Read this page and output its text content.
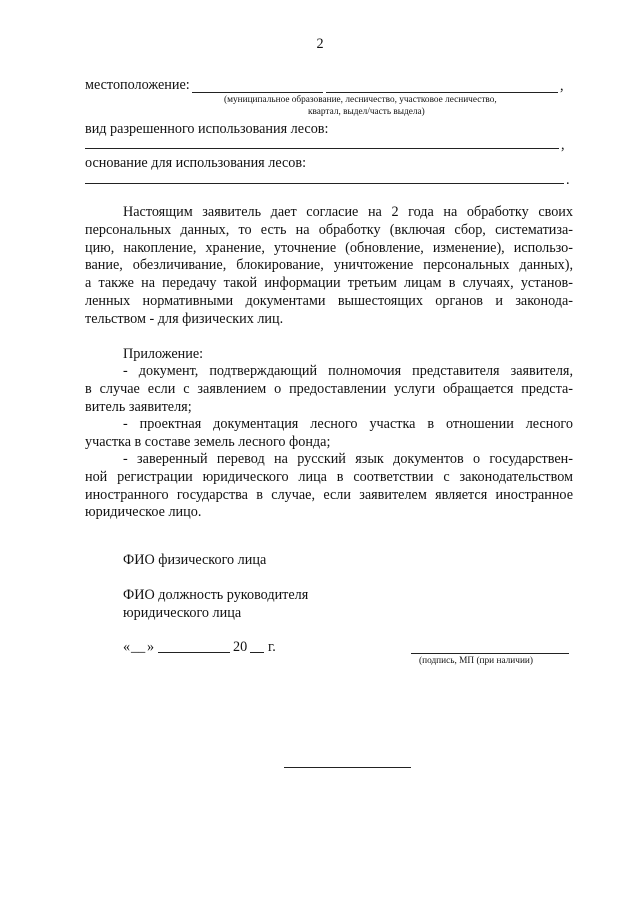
2
местоположение:	,
(муниципальное образование, лесничество, участковое лесничество,
квартал, выдел/часть выдела)
вид разрешенного использования лесов:
,
основание для использования лесов:
.
Настоящим заявитель дает согласие на 2 года на обработку своих
персональных данных, то есть на обработку (включая сбор, систематиза-
цию, накопление, хранение, уточнение (обновление, изменение), использо-
вание, обезличивание, блокирование, уничтожение персональных данных),
а также на передачу такой информации третьим лицам в случаях, установ-
ленных нормативными документами вышестоящих органов и законода-
тельством - для физических лиц.
Приложение:
- документ, подтверждающий полномочия представителя заявителя,
в случае если с заявлением о предоставлении услуги обращается предста-
витель заявителя;
- проектная документация лесного участка в отношении лесного
участка в составе земель лесного фонда;
- заверенный перевод на русский язык документов о государствен-
ной регистрации юридического лица в соответствии с законодательством
иностранного государства в случае, если заявителем является иностранное
юридическое лицо.
ФИО физического лица
ФИО должность руководителя
юридического лица
« __ »	20 г.
(подпись, МП (при наличии)
